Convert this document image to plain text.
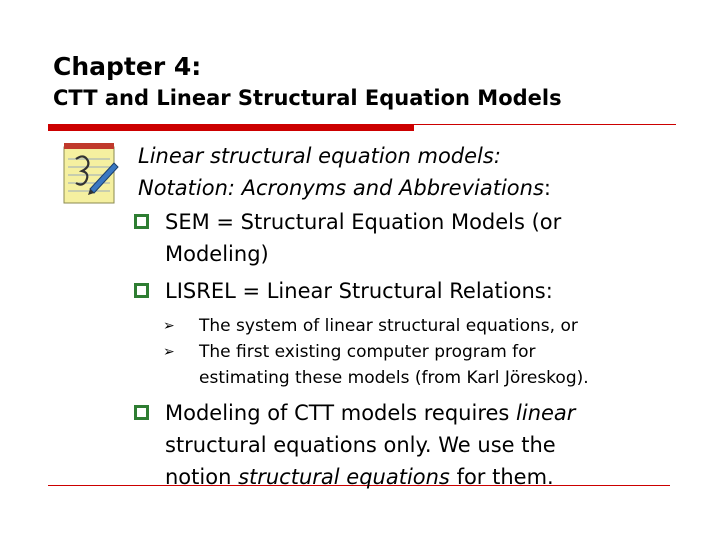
Chapter 4:
CTT and Linear Structural Equation Models
Linear structural equation models:
Notation: Acronyms and Abbreviations:
SEM = Structural Equation Models (or
Modeling)
LISREL = Linear Structural Relations:
➢ The system of linear structural equations, or
➢ The first existing computer program for
estimating these models (from Karl Jöreskog).
Modeling of CTT models requires linear
structural equations only. We use the
notion structural equations for them.
